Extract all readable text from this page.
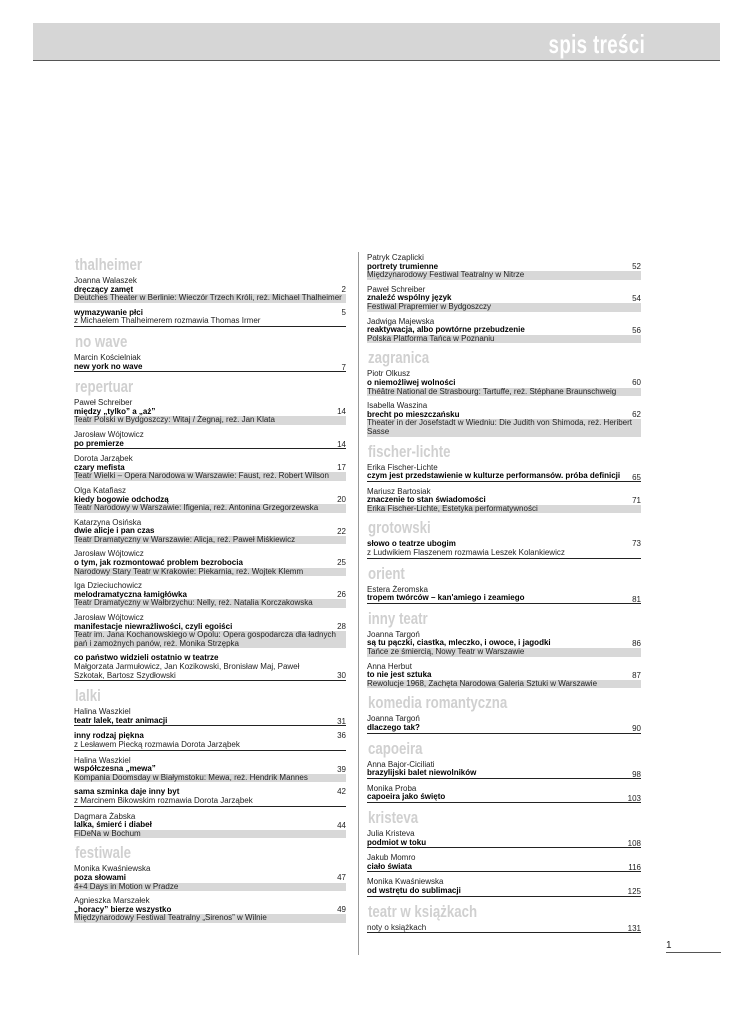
spis treści
thalheimer
2
Joanna Walaszek
dręczący zamęt
Deutches Theater w Berlinie: Wieczór Trzech Króli, reż. Michael Thalheimer
5
wymazywanie płci
z Michaelem Thalheimerem rozmawia Thomas Irmer
no wave
7
Marcin Kościelniak
new york no wave
repertuar
14
Paweł Schreiber
między „tylko” a „aż”
Teatr Polski w Bydgoszczy: Witaj / Żegnaj, reż. Jan Klata
14
Jarosław Wójtowicz
po premierze
17
Dorota Jarząbek
czary mefista
Teatr Wielki – Opera Narodowa w Warszawie: Faust, reż. Robert Wilson
20
Olga Katafiasz
kiedy bogowie odchodzą
Teatr Narodowy w Warszawie: Ifigenia, reż. Antonina Grzegorzewska
22
Katarzyna Osińska
dwie alicje i pan czas
Teatr Dramatyczny w Warszawie: Alicja, reż. Paweł Miśkiewicz
25
Jarosław Wójtowicz
o tym, jak rozmontować problem bezrobocia
Narodowy Stary Teatr w Krakowie: Piekarnia, reż. Wojtek Klemm
26
Iga Dzieciuchowicz
melodramatyczna łamigłówka
Teatr Dramatyczny w Wałbrzychu: Nelly, reż. Natalia Korczakowska
28
Jarosław Wójtowicz
manifestacje niewrażliwości, czyli egoiści
Teatr im. Jana Kochanowskiego w Opolu: Opera gospodarcza dla ładnych pań i zamożnych panów, reż. Monika Strzępka
30
co państwo widzieli ostatnio w teatrze
Małgorzata Jarmułowicz, Jan Kozikowski, Bronisław Maj, Paweł Szkotak, Bartosz Szydłowski
lalki
31
Halina Waszkiel
teatr lalek, teatr animacji
36
inny rodzaj piękna
z Lesławem Piecką rozmawia Dorota Jarząbek
39
Halina Waszkiel
współczesna „mewa”
Kompania Doomsday w Białymstoku: Mewa, reż. Hendrik Mannes
42
sama szminka daje inny byt
z Marcinem Bikowskim rozmawia Dorota Jarząbek
44
Dagmara Żabska
lalka, śmierć i diabeł
FiDeNa w Bochum
festiwale
47
Monika Kwaśniewska
poza słowami
4+4 Days in Motion w Pradze
49
Agnieszka Marszałek
„horacy” bierze wszystko
Międzynarodowy Festiwal Teatralny „Sirenos” w Wilnie
52
Patryk Czaplicki
portrety trumienne
Międzynarodowy Festiwal Teatralny w Nitrze
54
Paweł Schreiber
znaleźć wspólny język
Festiwal Prapremier w Bydgoszczy
56
Jadwiga Majewska
reaktywacja, albo powtórne przebudzenie
Polska Platforma Tańca w Poznaniu
zagranica
60
Piotr Olkusz
o niemożliwej wolności
Théâtre National de Strasbourg: Tartuffe, reż. Stéphane Braunschweig
62
Isabella Waszina
brecht po mieszczańsku
Theater in der Josefstadt w Wiedniu: Die Judith von Shimoda, reż. Heribert Sasse
fischer-lichte
65
Erika Fischer-Lichte
czym jest przedstawienie w kulturze performansów. próba definicji
71
Mariusz Bartosiak
znaczenie to stan świadomości
Erika Fischer-Lichte, Estetyka performatywności
grotowski
73
słowo o teatrze ubogim
z Ludwikiem Flaszenem rozmawia Leszek Kolankiewicz
orient
81
Estera Żeromska
tropem twórców – kan'amiego i zeamiego
inny teatr
86
Joanna Targoń
są tu pączki, ciastka, mleczko, i owoce, i jagodki
Tańce ze śmiercią, Nowy Teatr w Warszawie
87
Anna Herbut
to nie jest sztuka
Rewolucje 1968, Zachęta Narodowa Galeria Sztuki w Warszawie
komedia romantyczna
90
Joanna Targoń
dlaczego tak?
capoeira
98
Anna Bajor-Ciciliati
brazylijski balet niewolników
103
Monika Proba
capoeira jako święto
kristeva
108
Julia Kristeva
podmiot w toku
116
Jakub Momro
ciało świata
125
Monika Kwaśniewska
od wstrętu do sublimacji
teatr w książkach
131
noty o książkach
1
